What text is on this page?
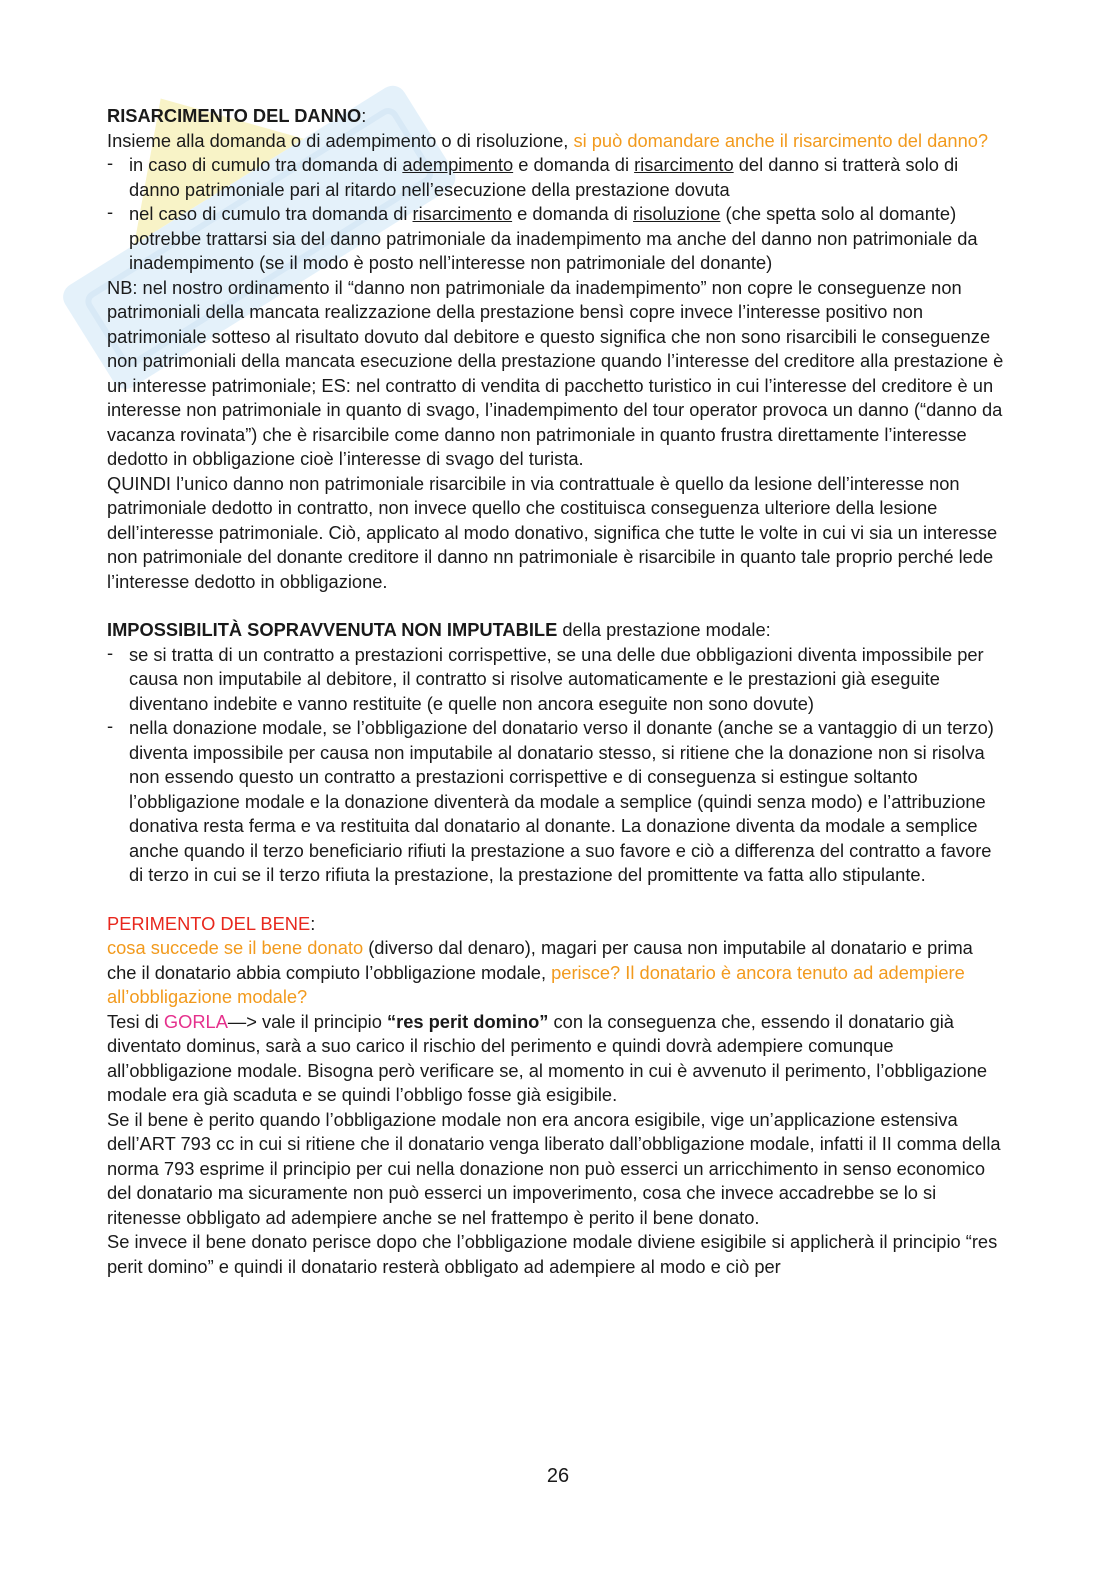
RISARCIMENTO DEL DANNO:

Insieme alla domanda o di adempimento o di risoluzione, si può domandare anche il risarcimento del danno?

- in caso di cumulo tra domanda di adempimento e domanda di risarcimento del danno si tratterà solo di danno patrimoniale pari al ritardo nell’esecuzione della prestazione dovuta
- nel caso di cumulo tra domanda di risarcimento e domanda di risoluzione (che spetta solo al domante) potrebbe trattarsi sia del danno patrimoniale da inadempimento ma anche del danno non patrimoniale da inadempimento (se il modo è posto nell’interesse non patrimoniale del donante)

NB: nel nostro ordinamento il “danno non patrimoniale da inadempimento” non copre le conseguenze non patrimoniali della mancata realizzazione della prestazione bensì copre invece l’interesse positivo non patrimoniale sotteso al risultato dovuto dal debitore e questo significa che non sono risarcibili le conseguenze non patrimoniali della mancata esecuzione della prestazione quando l’interesse del creditore alla prestazione è un interesse patrimoniale; ES: nel contratto di vendita di pacchetto turistico in cui l’interesse del creditore è un interesse non patrimoniale in quanto di svago, l’inadempimento del tour operator provoca un danno (“danno da vacanza rovinata”) che è risarcibile come danno non patrimoniale in quanto frustra direttamente l’interesse dedotto in obbligazione cioè l’interesse di svago del turista.

QUINDI l’unico danno non patrimoniale risarcibile in via contrattuale è quello da lesione dell’interesse non patrimoniale dedotto in contratto, non invece quello che costituisca conseguenza ulteriore della lesione dell’interesse patrimoniale. Ciò, applicato al modo donativo, significa che tutte le volte in cui vi sia un interesse non patrimoniale del donante creditore il danno nn patrimoniale è risarcibile in quanto tale proprio perché lede l’interesse dedotto in obbligazione.

IMPOSSIBILITÀ SOPRAVVENUTA NON IMPUTABILE della prestazione modale:

- se si tratta di un contratto a prestazioni corrispettive, se una delle due obbligazioni diventa impossibile per causa non imputabile al debitore, il contratto si risolve automaticamente e le prestazioni già eseguite diventano indebite e vanno restituite (e quelle non ancora eseguite non sono dovute)
- nella donazione modale, se l’obbligazione del donatario verso il donante (anche se a vantaggio di un terzo) diventa impossibile per causa non imputabile al donatario stesso, si ritiene che la donazione non si risolva non essendo questo un contratto a prestazioni corrispettive e di conseguenza si estingue soltanto l’obbligazione modale e la donazione diventerà da modale a semplice (quindi senza modo) e l’attribuzione donativa resta ferma e va restituita dal donatario al donante. La donazione diventa da modale a semplice anche quando il terzo beneficiario rifiuti la prestazione a suo favore e ciò a differenza del contratto a favore di terzo in cui se il terzo rifiuta la prestazione, la prestazione del promittente va fatta allo stipulante.

PERIMENTO DEL BENE:

cosa succede se il bene donato (diverso dal denaro), magari per causa non imputabile al donatario e prima che il donatario abbia compiuto l’obbligazione modale, perisce? Il donatario è ancora tenuto ad adempiere all’obbligazione modale?

Tesi di GORLA—> vale il principio “res perit domino” con la conseguenza che, essendo il donatario già diventato dominus, sarà a suo carico il rischio del perimento e quindi dovrà adempiere comunque all’obbligazione modale. Bisogna però verificare se, al momento in cui è avvenuto il perimento, l’obbligazione modale era già scaduta e se quindi l’obbligo fosse già esigibile.

Se il bene è perito quando l’obbligazione modale non era ancora esigibile, vige un’applicazione estensiva dell’ART 793 cc in cui si ritiene che il donatario venga liberato dall’obbligazione modale, infatti il II comma della norma 793 esprime il principio per cui nella donazione non può esserci un arricchimento in senso economico del donatario ma sicuramente non può esserci un impoverimento, cosa che invece accadrebbe se lo si ritenesse obbligato ad adempiere anche se nel frattempo è perito il bene donato.

Se invece il bene donato perisce dopo che l’obbligazione modale diviene esigibile si applicherà il principio “res perit domino” e quindi il donatario resterà obbligato ad adempiere al modo e ciò per

26
